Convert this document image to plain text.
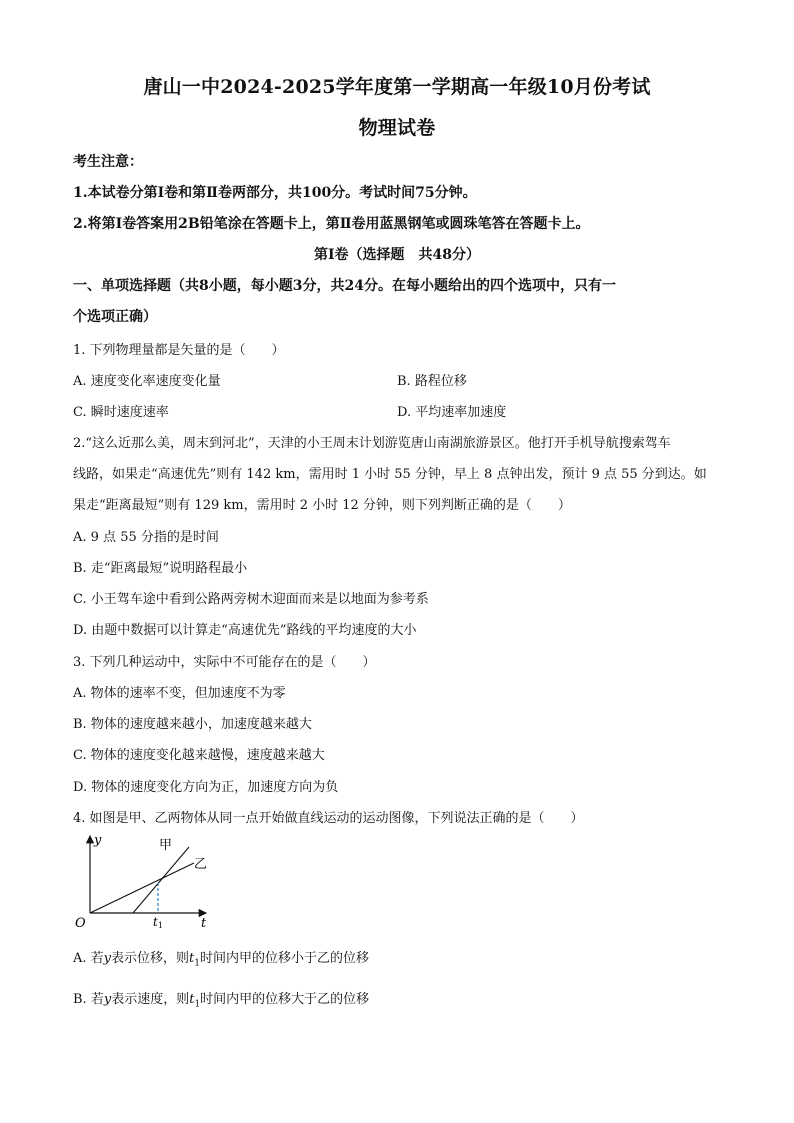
唐山一中2024-2025学年度第一学期高一年级10月份考试
物理试卷
考生注意：
1.本试卷分第Ⅰ卷和第Ⅱ卷两部分，共100分。考试时间75分钟。
2.将第Ⅰ卷答案用2B铅笔涂在答题卡上，第Ⅱ卷用蓝黑钢笔或圆珠笔答在答题卡上。
第Ⅰ卷（选择题　共48分）
一、单项选择题（共8小题，每小题3分，共24分。在每小题给出的四个选项中，只有一
个选项正确）
1. 下列物理量都是矢量的是（　　）
A. 速度变化率速度变化量	B. 路程位移
C. 瞬时速度速率	D. 平均速率加速度
2.“这么近那么美，周末到河北”，天津的小王周末计划游览唐山南湖旅游景区。他打开手机导航搜索驾车
线路，如果走“高速优先”则有 142 km，需用时 1 小时 55 分钟，早上 8 点钟出发，预计 9 点 55 分到达。如
果走“距离最短”则有 129 km，需用时 2 小时 12 分钟，则下列判断正确的是（　　）
A. 9 点 55 分指的是时间
B. 走“距离最短”说明路程最小
C. 小王驾车途中看到公路两旁树木迎面而来是以地面为参考系
D. 由题中数据可以计算走“高速优先”路线的平均速度的大小
3. 下列几种运动中，实际中不可能存在的是（　　）
A. 物体的速率不变，但加速度不为零
B. 物体的速度越来越小，加速度越来越大
C. 物体的速度变化越来越慢，速度越来越大
D. 物体的速度变化方向为正，加速度方向为负
4. 如图是甲、乙两物体从同一点开始做直线运动的运动图像，下列说法正确的是（　　）
y
t
O
甲
乙
t1
A. 若y表示位移，则$t_1$时间内甲的位移小于乙的位移
B. 若y表示速度，则$t_1$时间内甲的位移大于乙的位移
